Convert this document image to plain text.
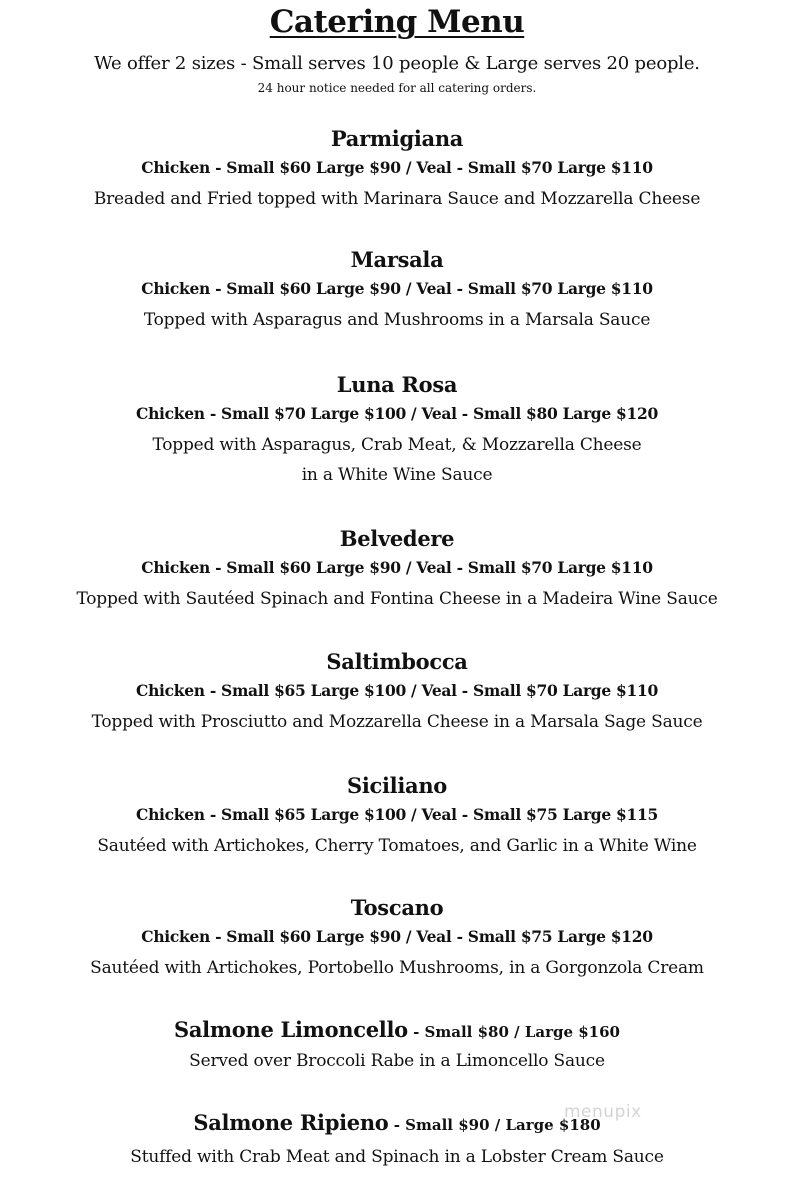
Catering Menu
We offer 2 sizes - Small serves 10 people & Large serves 20 people.
24 hour notice needed for all catering orders.
Parmigiana
Chicken - Small $60 Large $90 / Veal - Small $70 Large $110
Breaded and Fried topped with Marinara Sauce and Mozzarella Cheese
Marsala
Chicken - Small $60 Large $90 / Veal - Small $70 Large $110
Topped with Asparagus and Mushrooms in a Marsala Sauce
Luna Rosa
Chicken - Small $70 Large $100 / Veal - Small $80 Large $120
Topped with Asparagus, Crab Meat, & Mozzarella Cheese
in a White Wine Sauce
Belvedere
Chicken - Small $60 Large $90 / Veal - Small $70 Large $110
Topped with Sautéed Spinach and Fontina Cheese in a Madeira Wine Sauce
Saltimbocca
Chicken - Small $65 Large $100 / Veal - Small $70 Large $110
Topped with Prosciutto and Mozzarella Cheese in a Marsala Sage Sauce
Siciliano
Chicken - Small $65 Large $100 / Veal - Small $75 Large $115
Sautéed with Artichokes, Cherry Tomatoes, and Garlic in a White Wine
Toscano
Chicken - Small $60 Large $90 / Veal - Small $75 Large $120
Sautéed with Artichokes, Portobello Mushrooms, in a Gorgonzola Cream
Salmone Limoncello - Small $80 / Large $160
Served over Broccoli Rabe in a Limoncello Sauce
Salmone Ripieno - Small $90 / Large $180
Stuffed with Crab Meat and Spinach in a Lobster Cream Sauce
menupix
